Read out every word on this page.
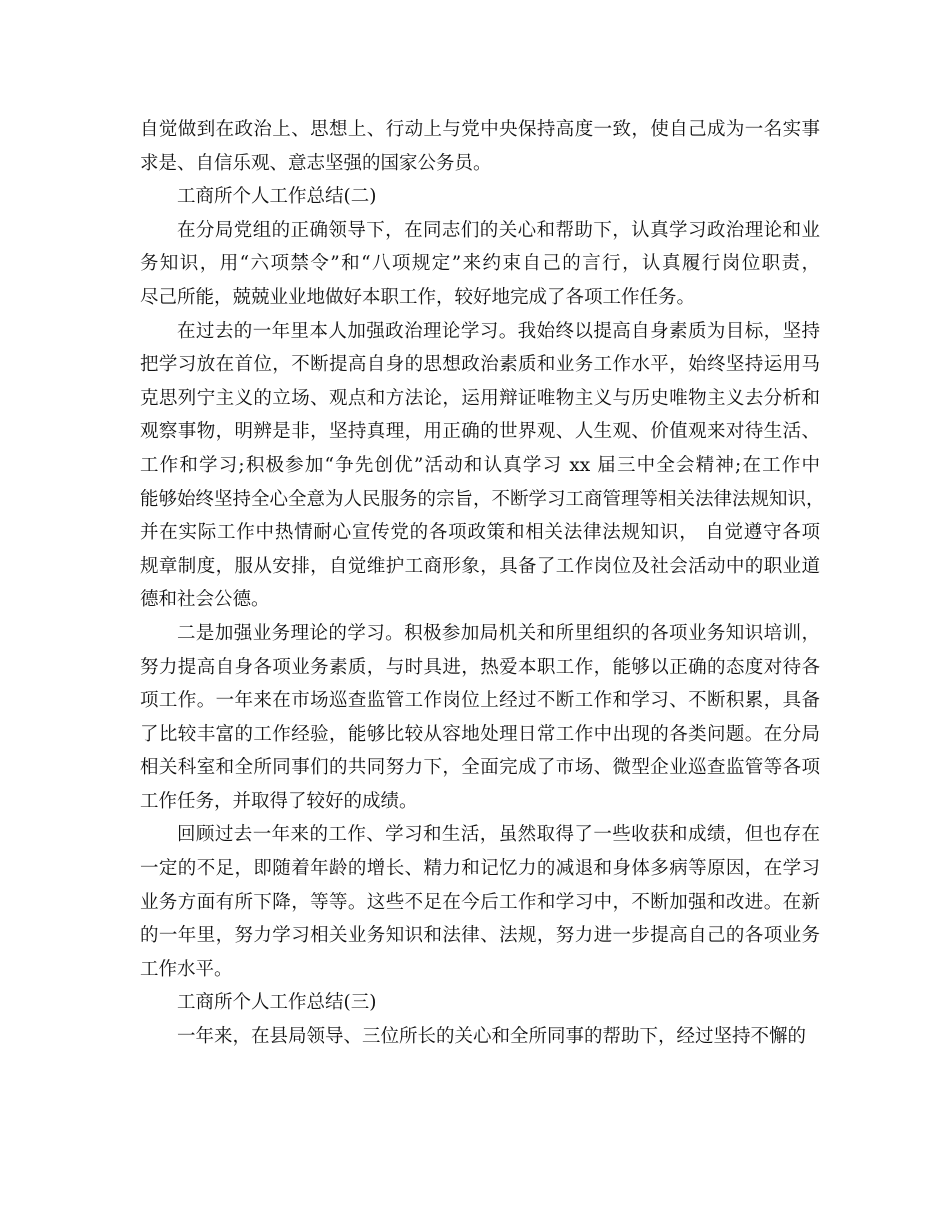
自觉做到在政治上、思想上、行动上与党中央保持高度一致，使自己成为一名实事
求是、自信乐观、意志坚强的国家公务员。
工商所个人工作总结(二)
在分局党组的正确领导下，在同志们的关心和帮助下，认真学习政治理论和业
务知识，用“六项禁令”和“八项规定”来约束自己的言行，认真履行岗位职责，
尽己所能，兢兢业业地做好本职工作，较好地完成了各项工作任务。
在过去的一年里本人加强政治理论学习。我始终以提高自身素质为目标，坚持
把学习放在首位，不断提高自身的思想政治素质和业务工作水平，始终坚持运用马
克思列宁主义的立场、观点和方法论，运用辩证唯物主义与历史唯物主义去分析和
观察事物，明辨是非，坚持真理，用正确的世界观、人生观、价值观来对待生活、
工作和学习;积极参加“争先创优”活动和认真学习 xx 届三中全会精神;在工作中
能够始终坚持全心全意为人民服务的宗旨，不断学习工商管理等相关法律法规知识，
并在实际工作中热情耐心宣传党的各项政策和相关法律法规知识， 自觉遵守各项
规章制度，服从安排，自觉维护工商形象，具备了工作岗位及社会活动中的职业道
德和社会公德。
二是加强业务理论的学习。积极参加局机关和所里组织的各项业务知识培训，
努力提高自身各项业务素质，与时具进，热爱本职工作，能够以正确的态度对待各
项工作。一年来在市场巡查监管工作岗位上经过不断工作和学习、不断积累，具备
了比较丰富的工作经验，能够比较从容地处理日常工作中出现的各类问题。在分局
相关科室和全所同事们的共同努力下，全面完成了市场、微型企业巡查监管等各项
工作任务，并取得了较好的成绩。
回顾过去一年来的工作、学习和生活，虽然取得了一些收获和成绩，但也存在
一定的不足，即随着年龄的增长、精力和记忆力的减退和身体多病等原因，在学习
业务方面有所下降，等等。这些不足在今后工作和学习中，不断加强和改进。在新
的一年里，努力学习相关业务知识和法律、法规，努力进一步提高自己的各项业务
工作水平。
工商所个人工作总结(三)
一年来，在县局领导、三位所长的关心和全所同事的帮助下，经过坚持不懈的
